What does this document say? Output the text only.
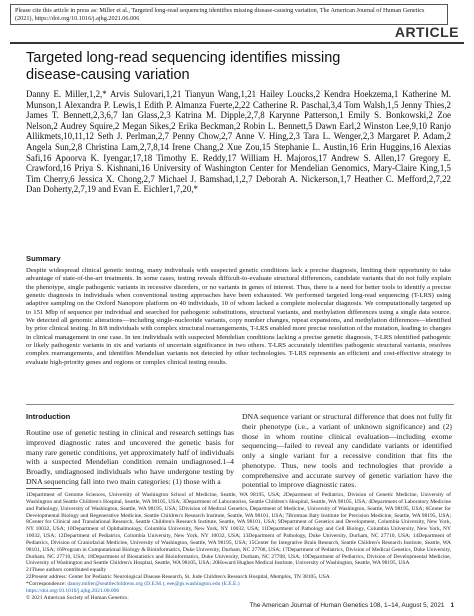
Please cite this article in press as: Miller et al., Targeted long-read sequencing identifies missing disease-causing variation, The American Journal of Human Genetics (2021), https://doi.org/10.1016/j.ajhg.2021.06.006
ARTICLE
Targeted long-read sequencing identifies missing disease-causing variation
Danny E. Miller,1,2,* Arvis Sulovari,1,21 Tianyun Wang,1,21 Hailey Loucks,2 Kendra Hoekzema,1 Katherine M. Munson,1 Alexandra P. Lewis,1 Edith P. Almanza Fuerte,2,22 Catherine R. Paschal,3,4 Tom Walsh,1,5 Jenny Thies,2 James T. Bennett,2,3,6,7 Ian Glass,2,3 Katrina M. Dipple,2,7,8 Karynne Patterson,1 Emily S. Bonkowski,2 Zoe Nelson,2 Audrey Squire,2 Megan Sikes,2 Erika Beckman,2 Robin L. Bennett,5 Dawn Earl,2 Winston Lee,9,10 Ranjo Allikmets,10,11,12 Seth J. Perlman,2,7 Penny Chow,2,7 Anne V. Hing,2,3 Tara L. Wenger,2,3 Margaret P. Adam,2 Angela Sun,2,8 Christina Lam,2,7,8,14 Irene Chang,2 Xue Zou,15 Stephanie L. Austin,16 Erin Huggins,16 Alexias Safi,16 Apoorva K. Iyengar,17,18 Timothy E. Reddy,17 William H. Majoros,17 Andrew S. Allen,17 Gregory E. Crawford,16 Priya S. Kishnani,16 University of Washington Center for Mendelian Genomics, Mary-Claire King,1,5 Tim Cherry,6 Jessica X. Chong,2,7 Michael J. Bamshad,1,2,7 Deborah A. Nickerson,1,7 Heather C. Mefford,2,7,22 Dan Doherty,2,7,19 and Evan E. Eichler1,7,20,*
Summary
Despite widespread clinical genetic testing, many individuals with suspected genetic conditions lack a precise diagnosis, limiting their opportunity to take advantage of state-of-the-art treatments. In some cases, testing reveals difficult-to-evaluate structural differences, candidate variants that do not fully explain the phenotype, single pathogenic variants in recessive disorders, or no variants in genes of interest. Thus, there is a need for better tools to identify a precise genetic diagnosis in individuals when conventional testing approaches have been exhausted. We performed targeted long-read sequencing (T-LRS) using adaptive sampling on the Oxford Nanopore platform on 40 individuals, 10 of whom lacked a complete molecular diagnosis. We computationally targeted up to 151 Mbp of sequence per individual and searched for pathogenic substitutions, structural variants, and methylation differences using a single data source. We detected all genomic alterations—including single-nucleotide variants, copy number changes, repeat expansions, and methylation differences—identified by prior clinical testing. In 8/8 individuals with complex structural rearrangements, T-LRS enabled more precise resolution of the mutation, leading to changes in clinical management in one case. In ten individuals with suspected Mendelian conditions lacking a precise genetic diagnosis, T-LRS identified pathogenic or likely pathogenic variants in six and variants of uncertain significance in two others. T-LRS accurately identifies pathogenic structural variants, resolves complex rearrangements, and identifies Mendelian variants not detected by other technologies. T-LRS represents an efficient and cost-effective strategy to evaluate high-priority genes and regions or complex clinical testing results.
Introduction
Routine use of genetic testing in clinical and research settings has improved diagnostic rates and uncovered the genetic basis for many rare genetic conditions, yet approximately half of individuals with a suspected Mendelian condition remain undiagnosed.1–4 Broadly, undiagnosed individuals who have undergone testing by DNA sequencing fall into two main categories: (1) those with a
DNA sequence variant or structural difference that does not fully fit their phenotype (i.e., a variant of unknown significance) and (2) those in whom routine clinical evaluation—including exome sequencing—failed to reveal any candidate variants or identified only a single variant for a recessive condition that fits the phenotype. Thus, new tools and technologies that provide a comprehensive and accurate survey of genetic variation have the potential to improve diagnostic rates.
1Department of Genome Sciences, University of Washington School of Medicine, Seattle, WA 98195, USA; 2Department of Pediatrics, Division of Genetic Medicine, University of Washington and Seattle Children's Hospital, Seattle, WA 98105, USA; 3Department of Laboratories, Seattle Children's Hospital, Seattle, WA 98105, USA; 4Department of Laboratory Medicine and Pathology, University of Washington, Seattle, WA 98195, USA; 5Division of Medical Genetics, Department of Medicine, University of Washington, Seattle, WA 98195, USA; 6Center for Developmental Biology and Regenerative Medicine, Seattle Children's Research Institute, Seattle, WA 98101, USA; 7Brotman Baty Institute for Precision Medicine, Seattle, WA 98195, USA; 8Center for Clinical and Translational Research, Seattle Children's Research Institute, Seattle, WA 98101, USA; 9Department of Genetics and Development, Columbia University, New York, NY 10032, USA; 10Department of Ophthalmology, Columbia University, New York, NY 10032, USA; 11Department of Pathology and Cell Biology, Columbia University, New York, NY 10032, USA; 12Department of Pediatrics, Columbia University, New York, NY 10032, USA; 13Department of Pathology, Duke University, Durham, NC 27710, USA; 14Department of Pediatrics, Division of Craniofacial Medicine, University of Washington, Seattle, WA 98195, USA; 15Center for Integrative Brain Research, Seattle Children's Research Institute, Seattle, WA 98101, USA; 16Program in Computational Biology & Bioinformatics, Duke University, Durham, NC 27708, USA; 17Department of Pediatrics, Division of Medical Genetics, Duke University, Durham, NC 27710, USA; 18Department of Biostatistics and Bioinformatics, Duke University, Durham, NC 27708, USA; 19Department of Pediatrics, Division of Developmental Medicine, University of Washington and Seattle Children's Hospital, Seattle, WA 98105, USA; 20Howard Hughes Medical Institute, University of Washington, Seattle, WA 98195, USA
21These authors contributed equally
22Present address: Center for Pediatric Neurological Disease Research, St. Jude Children's Research Hospital, Memphis, TN 38105, USA
*Correspondence: danny.miller@seattlechildrens.org (D.E.M.), eee@gs.washington.edu (E.E.E.)
https://doi.org/10.1016/j.ajhg.2021.06.006
© 2021 American Society of Human Genetics.
The American Journal of Human Genetics 108, 1–14, August 5, 2021 1
